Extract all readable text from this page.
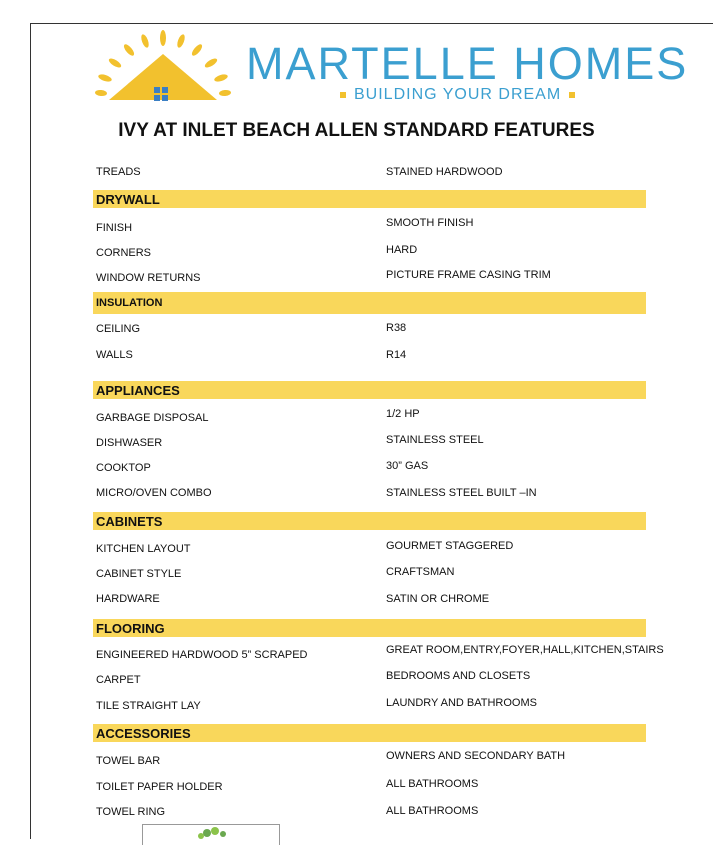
MARTELLE HOMES
BUILDING YOUR DREAM
IVY AT INLET BEACH ALLEN STANDARD FEATURES
TREADS	STAINED HARDWOOD
DRYWALL
FINISH	SMOOTH FINISH
CORNERS	HARD
WINDOW RETURNS	PICTURE FRAME CASING TRIM
INSULATION
CEILING	R38
WALLS	R14
APPLIANCES
GARBAGE DISPOSAL	1/2 HP
DISHWASER	STAINLESS STEEL
COOKTOP	30” GAS
MICRO/OVEN COMBO	STAINLESS STEEL BUILT –IN
CABINETS
KITCHEN LAYOUT	GOURMET STAGGERED
CABINET STYLE	CRAFTSMAN
HARDWARE	SATIN OR CHROME
FLOORING
ENGINEERED HARDWOOD 5” SCRAPED	GREAT ROOM,ENTRY,FOYER,HALL,KITCHEN,STAIRS
CARPET	BEDROOMS AND CLOSETS
TILE STRAIGHT LAY	LAUNDRY AND BATHROOMS
ACCESSORIES
TOWEL BAR	OWNERS AND SECONDARY BATH
TOILET PAPER HOLDER	ALL BATHROOMS
TOWEL RING	ALL BATHROOMS
